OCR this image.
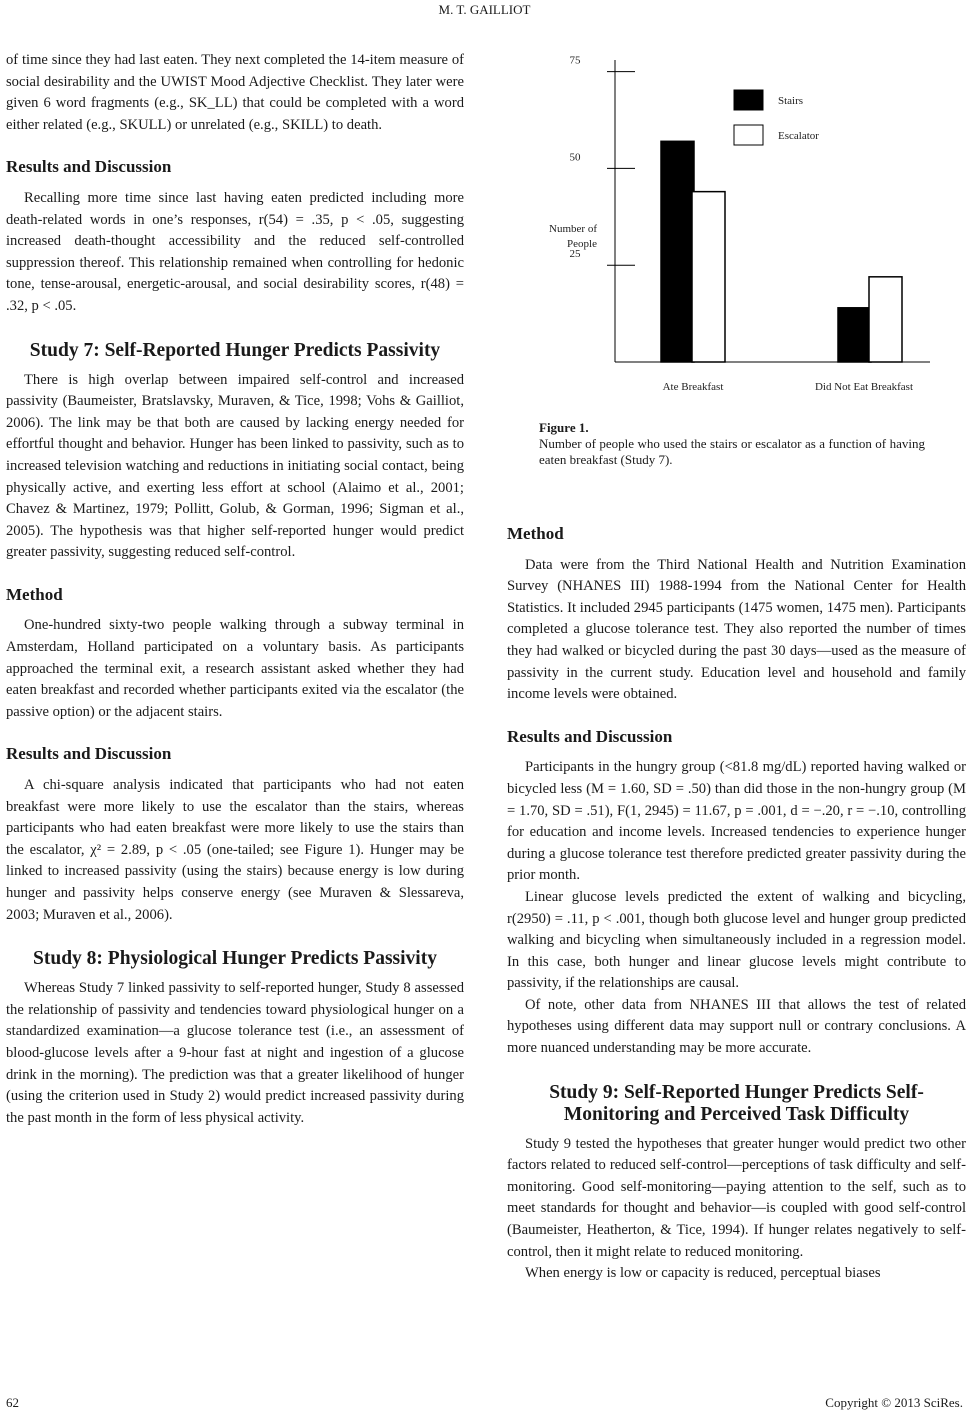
M. T. GAILLIOT

of time since they had last eaten. They next completed the 14-item measure of social desirability and the UWIST Mood Adjective Checklist. They later were given 6 word fragments (e.g., SK_LL) that could be completed with a word either related (e.g., SKULL) or unrelated (e.g., SKILL) to death.

Results and Discussion

Recalling more time since last having eaten predicted including more death-related words in one’s responses, r(54) = .35, p < .05, suggesting increased death-thought accessibility and the reduced self-controlled suppression thereof. This relationship remained when controlling for hedonic tone, tense-arousal, energetic-arousal, and social desirability scores, r(48) = .32, p < .05.

Study 7: Self-Reported Hunger Predicts Passivity

There is high overlap between impaired self-control and increased passivity (Baumeister, Bratslavsky, Muraven, & Tice, 1998; Vohs & Gailliot, 2006). The link may be that both are caused by lacking energy needed for effortful thought and behavior. Hunger has been linked to passivity, such as to increased television watching and reductions in initiating social contact, being physically active, and exerting less effort at school (Alaimo et al., 2001; Chavez & Martinez, 1979; Pollitt, Golub, & Gorman, 1996; Sigman et al., 2005). The hypothesis was that higher self-reported hunger would predict greater passivity, suggesting reduced self-control.

Method

One-hundred sixty-two people walking through a subway terminal in Amsterdam, Holland participated on a voluntary basis. As participants approached the terminal exit, a research assistant asked whether they had eaten breakfast and recorded whether participants exited via the escalator (the passive option) or the adjacent stairs.

Results and Discussion

A chi-square analysis indicated that participants who had not eaten breakfast were more likely to use the escalator than the stairs, whereas participants who had eaten breakfast were more likely to use the stairs than the escalator, χ² = 2.89, p < .05 (one-tailed; see Figure 1). Hunger may be linked to increased passivity (using the stairs) because energy is low during hunger and passivity helps conserve energy (see Muraven & Slessareva, 2003; Muraven et al., 2006).

Study 8: Physiological Hunger Predicts Passivity

Whereas Study 7 linked passivity to self-reported hunger, Study 8 assessed the relationship of passivity and tendencies toward physiological hunger on a standardized examination—a glucose tolerance test (i.e., an assessment of blood-glucose levels after a 9-hour fast at night and ingestion of a glucose drink in the morning). The prediction was that a greater likelihood of hunger (using the criterion used in Study 2) would predict increased passivity during the past month in the form of less physical activity.

25
50
75
Number of
People
Ate Breakfast	Did Not Eat Breakfast
Stairs
Escalator
Figure 1.
Number of people who used the stairs or escalator as a function of having eaten breakfast (Study 7).
Method

Data were from the Third National Health and Nutrition Examination Survey (NHANES III) 1988-1994 from the National Center for Health Statistics. It included 2945 participants (1475 women, 1475 men). Participants completed a glucose tolerance test. They also reported the number of times they had walked or bicycled during the past 30 days—used as the measure of passivity in the current study. Education level and household and family income levels were obtained.

Results and Discussion

Participants in the hungry group (<81.8 mg/dL) reported having walked or bicycled less (M = 1.60, SD = .50) than did those in the non-hungry group (M = 1.70, SD = .51), F(1, 2945) = 11.67, p = .001, d = −.20, r = −.10, controlling for education and income levels. Increased tendencies to experience hunger during a glucose tolerance test therefore predicted greater passivity during the prior month.

Linear glucose levels predicted the extent of walking and bicycling, r(2950) = .11, p < .001, though both glucose level and hunger group predicted walking and bicycling when simultaneously included in a regression model. In this case, both hunger and linear glucose levels might contribute to passivity, if the relationships are causal.

Of note, other data from NHANES III that allows the test of related hypotheses using different data may support null or contrary conclusions. A more nuanced understanding may be more accurate.

Study 9: Self-Reported Hunger Predicts Self-Monitoring and Perceived Task Difficulty

Study 9 tested the hypotheses that greater hunger would predict two other factors related to reduced self-control—perceptions of task difficulty and self-monitoring. Good self-monitoring—paying attention to the self, such as to meet standards for thought and behavior—is coupled with good self-control (Baumeister, Heatherton, & Tice, 1994). If hunger relates negatively to self-control, then it might relate to reduced monitoring.

When energy is low or capacity is reduced, perceptual biases

62	Copyright © 2013 SciRes.
